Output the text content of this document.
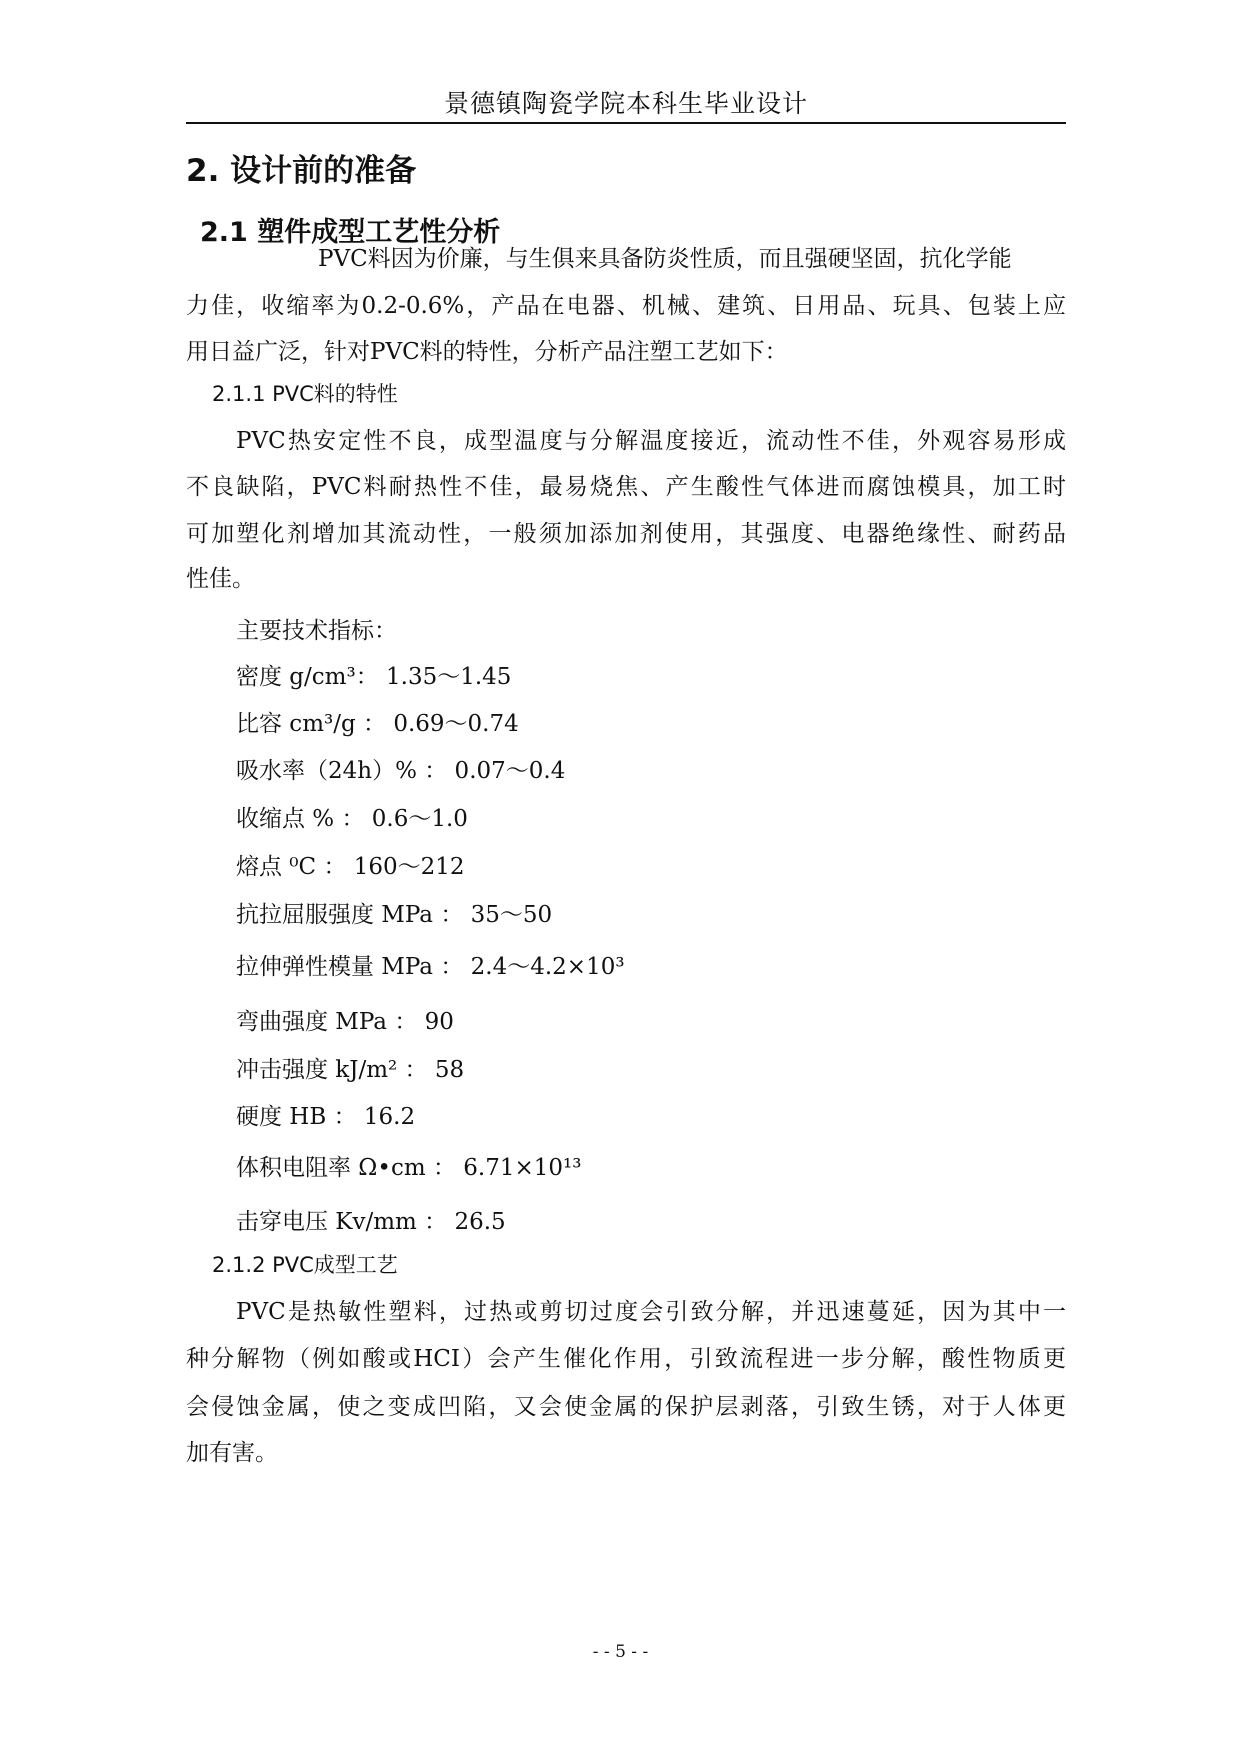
景德镇陶瓷学院本科生毕业设计
2. 设计前的准备
2.1 塑件成型工艺性分析
PVC料因为价廉，与生俱来具备防炎性质，而且强硬坚固，抗化学能
力佳，收缩率为0.2-0.6%，产品在电器、机械、建筑、日用品、玩具、包装上应
用日益广泛，针对PVC料的特性，分析产品注塑工艺如下：
2.1.1 PVC料的特性
PVC热安定性不良，成型温度与分解温度接近，流动性不佳，外观容易形成
不良缺陷，PVC料耐热性不佳，最易烧焦、产生酸性气体进而腐蚀模具，加工时
可加塑化剂增加其流动性，一般须加添加剂使用，其强度、电器绝缘性、耐药品
性佳。
主要技术指标：
密度 g/cm³： 1.35～1.45
比容 cm³/g ： 0.69～0.74
吸水率（24h）% ： 0.07～0.4
收缩点 % ： 0.6～1.0
熔点 ⁰C ： 160～212
抗拉屈服强度 MPa ： 35～50
拉伸弹性模量 MPa ： 2.4～4.2×10³
弯曲强度 MPa ： 90
冲击强度 kJ/m² ： 58
硬度 HB ： 16.2
体积电阻率 Ω•cm ： 6.71×10¹³
击穿电压 Kv/mm ： 26.5
2.1.2 PVC成型工艺
PVC是热敏性塑料，过热或剪切过度会引致分解，并迅速蔓延，因为其中一
种分解物（例如酸或HCI）会产生催化作用，引致流程进一步分解，酸性物质更
会侵蚀金属，使之变成凹陷，又会使金属的保护层剥落，引致生锈，对于人体更
加有害。
- - 5 - -
